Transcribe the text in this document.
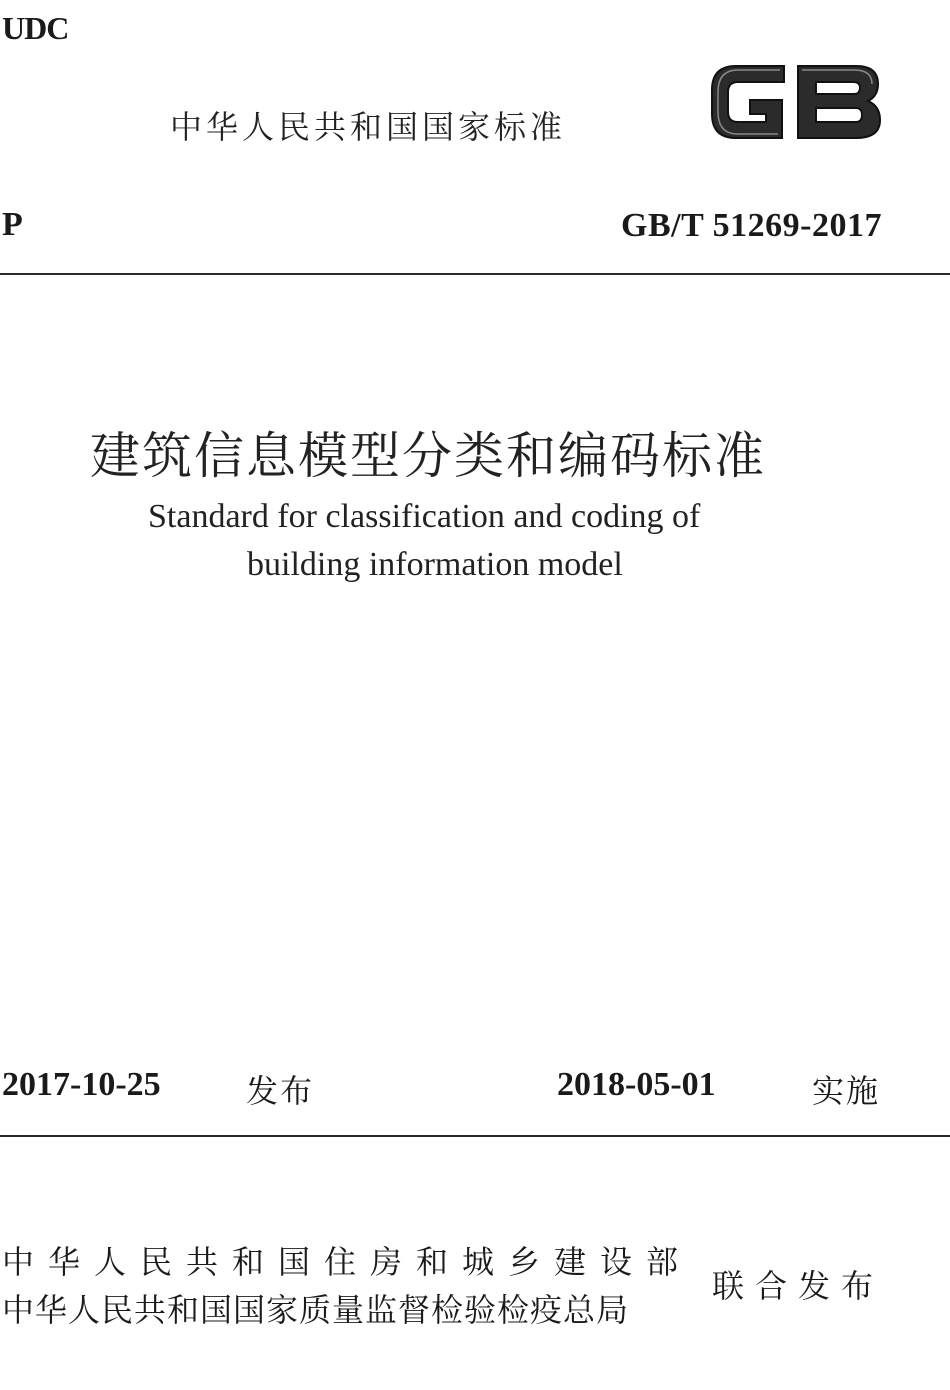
UDC
中华人民共和国国家标准
P	GB/T 51269-2017
建筑信息模型分类和编码标准
Standard for classification and coding of
building information model
2017-10-25	发布	2018-05-01	实施
中华人民共和国住房和城乡建设部
中华人民共和国国家质量监督检验检疫总局
联合发布
